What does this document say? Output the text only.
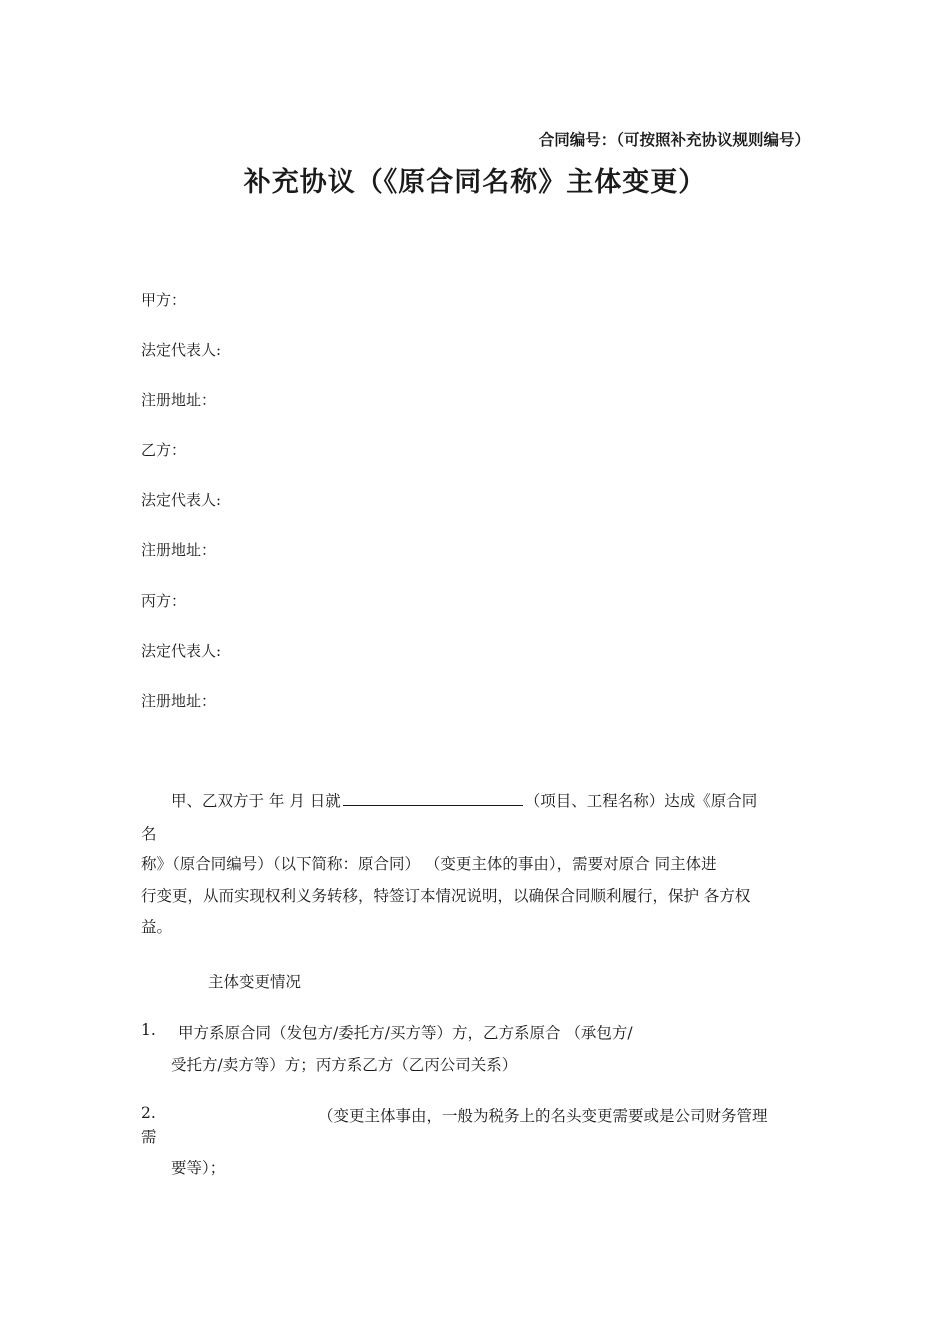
合同编号：（可按照补充协议规则编号）
补充协议（《原合同名称》主体变更）
甲方：
法定代表人:
注册地址：
乙方：
法定代表人:
注册地址：
丙方：
法定代表人:
注册地址：
甲、乙双方于 年 月 日就	（项目、工程名称）达成《原合同
名
称》（原合同编号）（以下简称：原合同） （变更主体的事由），需要对原合 同主体进
行变更，从而实现权利义务转移，特签订本情况说明，以确保合同顺利履行，保护 各方权
益。
主体变更情况
1. 甲方系原合同（发包方/委托方/买方等）方，乙方系原合 （承包方/
受托方/卖方等）方；丙方系乙方（乙丙公司关系）
2.	（变更主体事由，一般为税务上的名头变更需要或是公司财务管理
需
要等）；
